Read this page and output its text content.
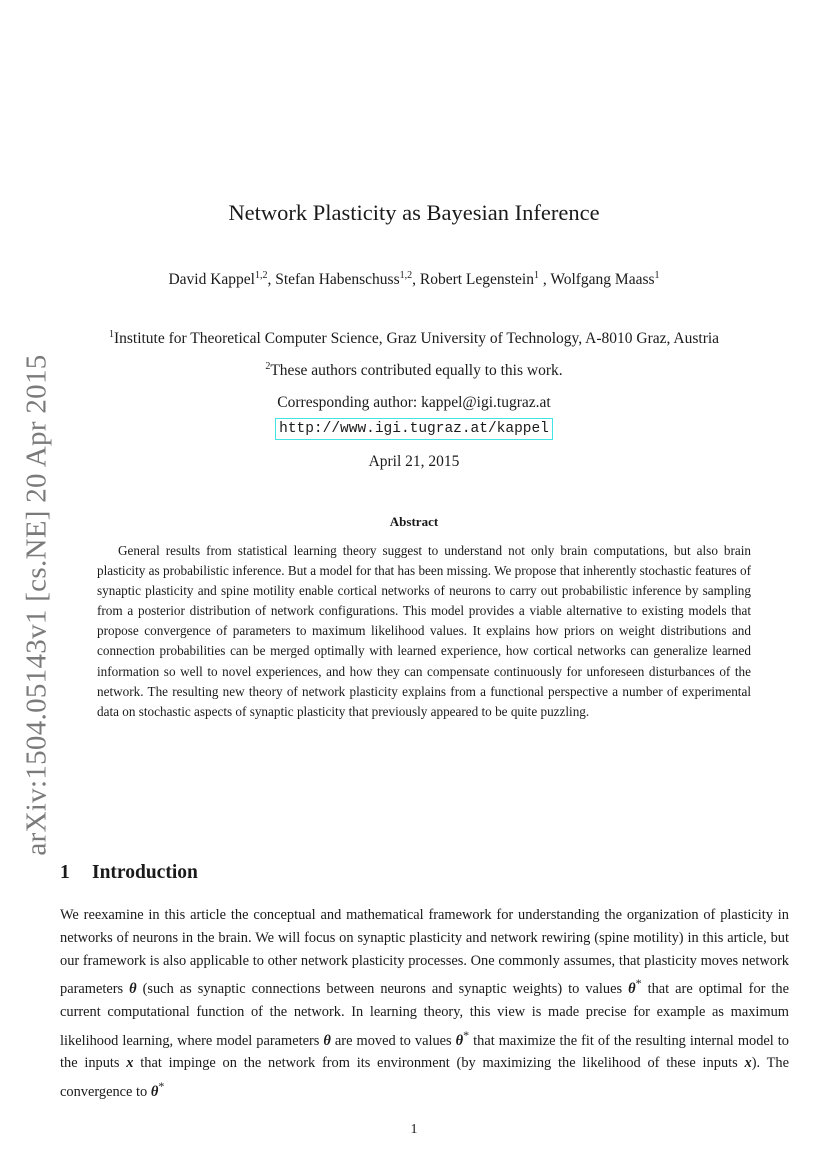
arXiv:1504.05143v1 [cs.NE] 20 Apr 2015
Network Plasticity as Bayesian Inference
David Kappel$^{1,2}$, Stefan Habenschuss$^{1,2}$, Robert Legenstein$^1$ , Wolfgang Maass$^1$
$^1$Institute for Theoretical Computer Science, Graz University of Technology, A-8010 Graz, Austria
$^2$These authors contributed equally to this work.
Corresponding author: kappel@igi.tugraz.at
http://www.igi.tugraz.at/kappel
April 21, 2015
Abstract

General results from statistical learning theory suggest to understand not only brain computations, but also brain plasticity as probabilistic inference. But a model for that has been missing. We propose that inherently stochastic features of synaptic plasticity and spine motility enable cortical networks of neurons to carry out probabilistic inference by sampling from a posterior distribution of network configurations. This model provides a viable alternative to existing models that propose convergence of parameters to maximum likelihood values. It explains how priors on weight distributions and connection probabilities can be merged optimally with learned experience, how cortical networks can generalize learned information so well to novel experiences, and how they can compensate continuously for unforeseen disturbances of the network. The resulting new theory of network plasticity explains from a functional perspective a number of experimental data on stochastic aspects of synaptic plasticity that previously appeared to be quite puzzling.

1 Introduction

We reexamine in this article the conceptual and mathematical framework for understanding the organization of plasticity in networks of neurons in the brain. We will focus on synaptic plasticity and network rewiring (spine motility) in this article, but our framework is also applicable to other network plasticity processes. One commonly assumes, that plasticity moves network parameters θ (such as synaptic connections between neurons and synaptic weights) to values θ* that are optimal for the current computational function of the network. In learning theory, this view is made precise for example as maximum likelihood learning, where model parameters θ are moved to values θ* that maximize the fit of the resulting internal model to the inputs x that impinge on the network from its environment (by maximizing the likelihood of these inputs x). The convergence to θ*

1
